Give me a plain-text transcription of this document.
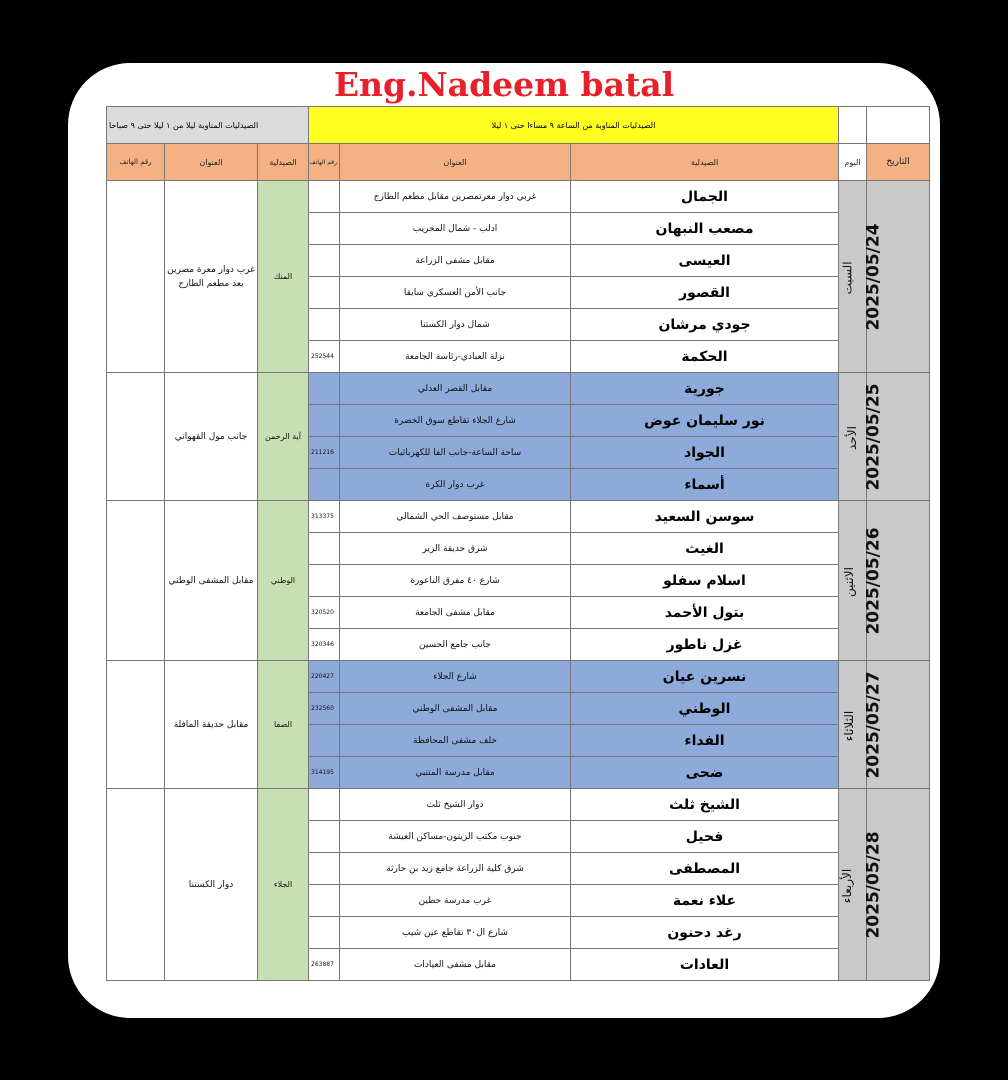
Eng.Nadeem batal
		الصيدليات المناوبة من الساعة ٩ مساءا حتى ١ ليلا			الصيدليات المناوبة ليلا من ١ ليلا حتى ٩ صباحا		
التاريخ	اليوم	الصيدلية	العنوان	رقم الهاتف	الصيدلية	العنوان	رقم الهاتف
2025/05/24	السبت	الجمال	غربي دوار معرتمصرين مقابل مطعم الطازج		المنك	غرب دوار معرة مصرين بعد مطعم الطازج	
		مصعب النبهان	ادلب - شمال المحريب				
		العيسى	مقابل مشفى الزراعة				
		القصور	جانب الأمن العسكري سابقا				
		جودي مرشان	شمال دوار الكستنا				
		الحكمة	نزلة العبادي-رئاسة الجامعة	252544			
2025/05/25	الأحد	جورية	مقابل القصر العدلي		آية الرحمن	جانب مول القهواتي	
		نور سليمان عوض	شارع الجلاء تقاطع سوق الخضرة				
		الجواد	ساحة الساعة-جانب الفا للكهربائيات	211216			
		أسماء	غرب دوار الكرة				
2025/05/26	الاثنين	سوسن السعيد	مقابل مستوصف الحي الشمالي	313375	الوطني	مقابل المشفى الوطني	
		الغيث	شرق حديقة الزير				
		اسلام سفلو	شارع ٤٠ مفرق الناعورة				
		بتول الأحمد	مقابل مشفى الجامعة	320520			
		غزل ناطور	جانب جامع الحسين	320346			
2025/05/27	الثلاثاء	نسرين عيان	شارع الجلاء	220427	الصفا	مقابل حديقة المافلة	
		الوطني	مقابل المشفى الوطني	232560			
		الفداء	خلف مشفى المحافظة				
		ضحى	مقابل مدرسة المتنبي	314195			
2025/05/28	الأربعاء	الشيخ ثلث	دوار الشيخ ثلث		الجلاء	دوار الكستنا	
		فحيل	جنوب مكتب الزيتون-مساكن الغيشة				
		المصطفى	شرق كلية الزراعة جامع زيد بن حارثة				
		علاء نعمة	غرب مدرسة حطين				
		رغد دحنون	شارع ال٣٠ تقاطع عين شيب				
		العادات	مقابل مشفى العيادات	263887			
